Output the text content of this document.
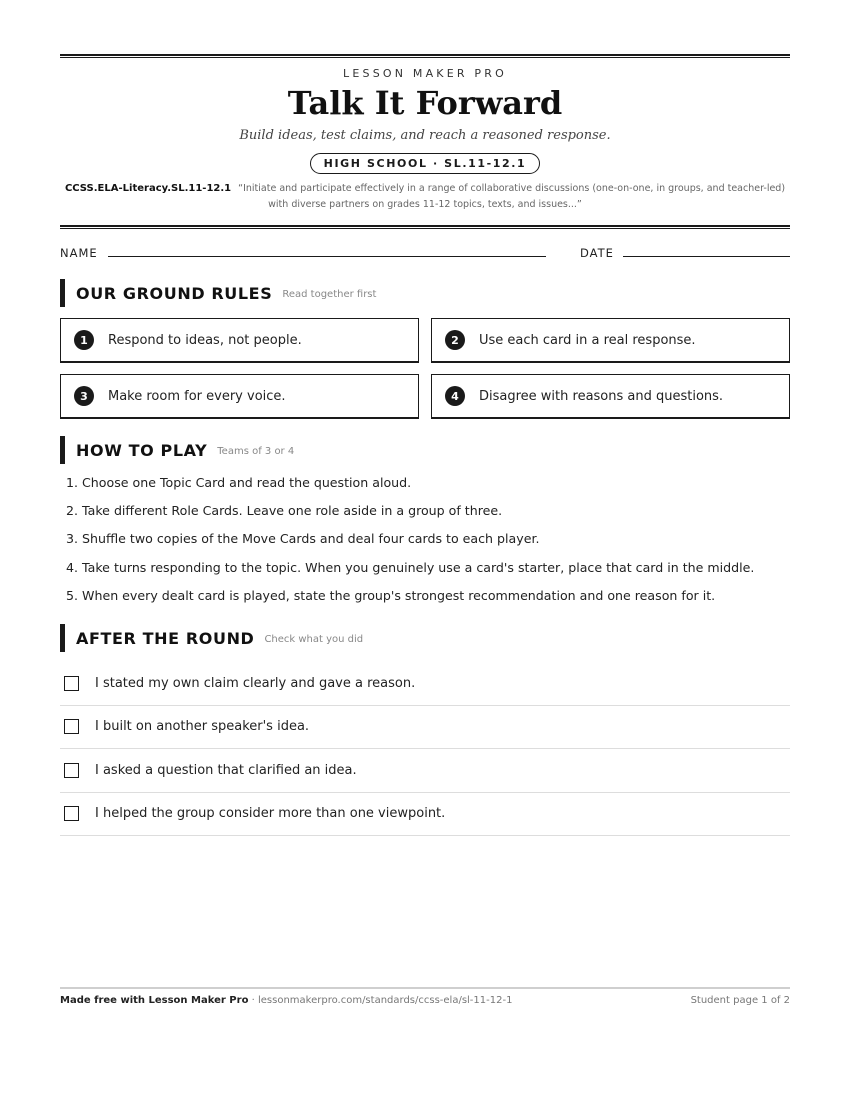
LESSON MAKER PRO
Talk It Forward
Build ideas, test claims, and reach a reasoned response.
HIGH SCHOOL · SL.11-12.1
CCSS.ELA-Literacy.SL.11-12.1 “Initiate and participate effectively in a range of collaborative discussions (one-on-one, in groups, and teacher-led) with diverse partners on grades 11-12 topics, texts, and issues...”
NAME	DATE
OUR GROUND RULES Read together first
1	Respond to ideas, not people.	2	Use each card in a real response.
3	Make room for every voice.	4	Disagree with reasons and questions.
HOW TO PLAY Teams of 3 or 4
1. Choose one Topic Card and read the question aloud.
2. Take different Role Cards. Leave one role aside in a group of three.
3. Shuffle two copies of the Move Cards and deal four cards to each player.
4. Take turns responding to the topic. When you genuinely use a card's starter, place that card in the middle.
5. When every dealt card is played, state the group's strongest recommendation and one reason for it.
AFTER THE ROUND Check what you did
I stated my own claim clearly and gave a reason.
I built on another speaker's idea.
I asked a question that clarified an idea.
I helped the group consider more than one viewpoint.
Made free with Lesson Maker Pro · lessonmakerpro.com/standards/ccss-ela/sl-11-12-1	Student page 1 of 2
